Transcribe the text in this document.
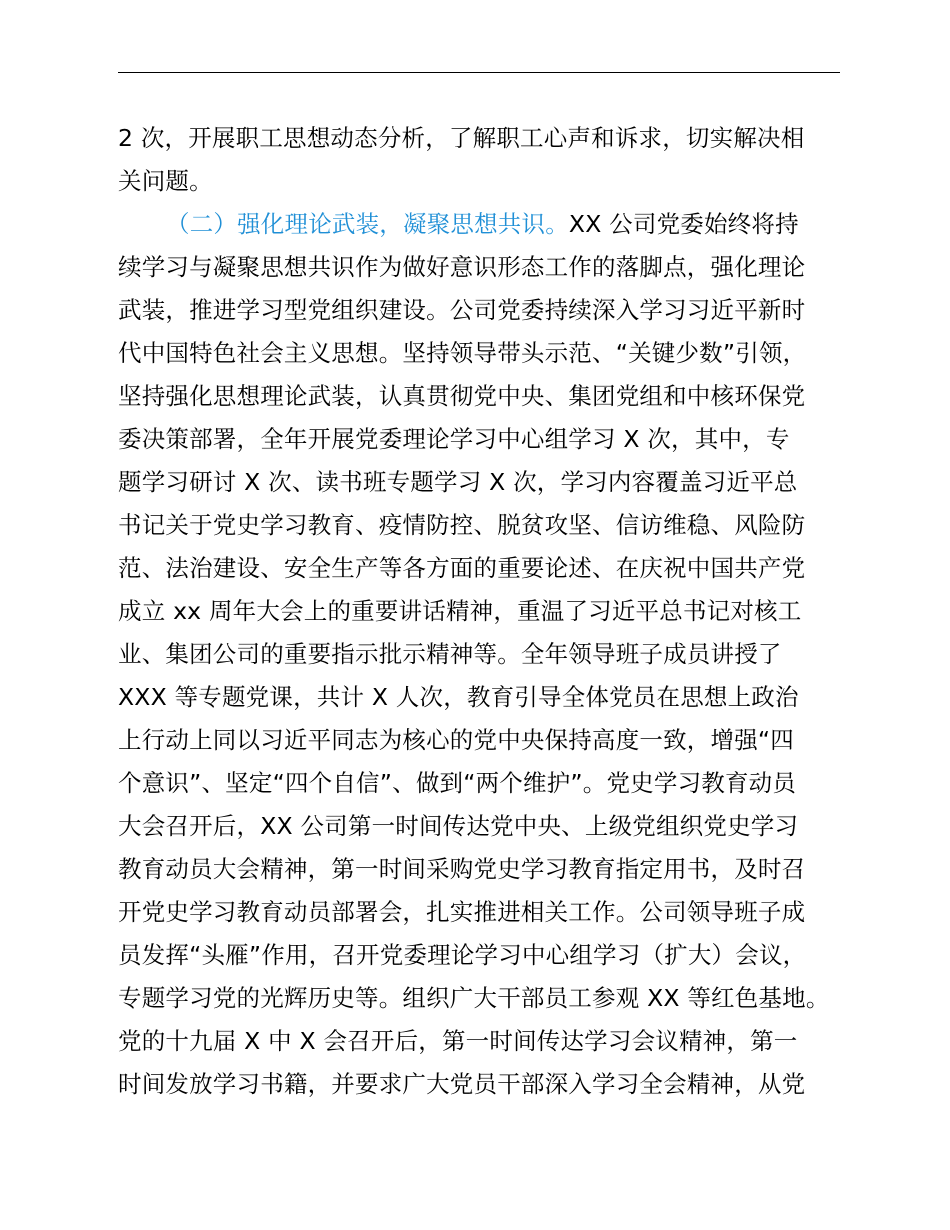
2 次，开展职工思想动态分析，了解职工心声和诉求，切实解决相
关问题。
（二）强化理论武装，凝聚思想共识。XX 公司党委始终将持
续学习与凝聚思想共识作为做好意识形态工作的落脚点，强化理论
武装，推进学习型党组织建设。公司党委持续深入学习习近平新时
代中国特色社会主义思想。坚持领导带头示范、“关键少数”引领，
坚持强化思想理论武装，认真贯彻党中央、集团党组和中核环保党
委决策部署，全年开展党委理论学习中心组学习 X 次，其中，专
题学习研讨 X 次、读书班专题学习 X 次，学习内容覆盖习近平总
书记关于党史学习教育、疫情防控、脱贫攻坚、信访维稳、风险防
范、法治建设、安全生产等各方面的重要论述、在庆祝中国共产党
成立 xx 周年大会上的重要讲话精神，重温了习近平总书记对核工
业、集团公司的重要指示批示精神等。全年领导班子成员讲授了
XXX 等专题党课，共计 X 人次，教育引导全体党员在思想上政治
上行动上同以习近平同志为核心的党中央保持高度一致，增强“四
个意识”、坚定“四个自信”、做到“两个维护”。党史学习教育动员
大会召开后，XX 公司第一时间传达党中央、上级党组织党史学习
教育动员大会精神，第一时间采购党史学习教育指定用书，及时召
开党史学习教育动员部署会，扎实推进相关工作。公司领导班子成
员发挥“头雁”作用，召开党委理论学习中心组学习（扩大）会议，
专题学习党的光辉历史等。组织广大干部员工参观 XX 等红色基地。
党的十九届 X 中 X 会召开后，第一时间传达学习会议精神，第一
时间发放学习书籍，并要求广大党员干部深入学习全会精神，从党
